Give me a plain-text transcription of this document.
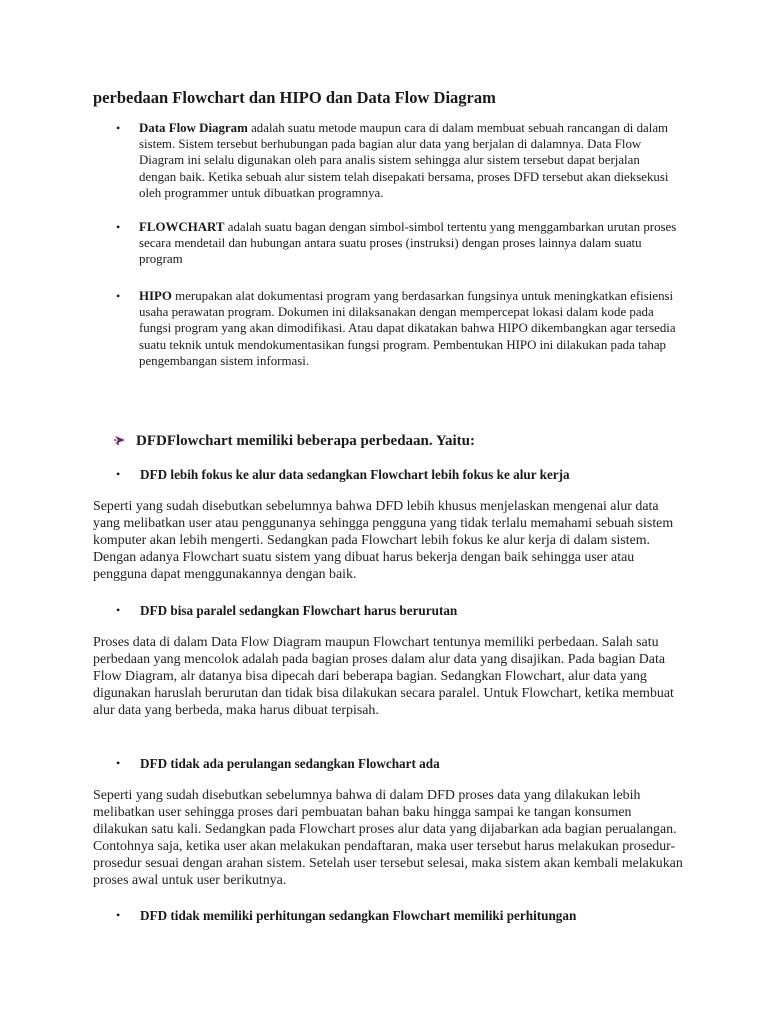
perbedaan Flowchart dan HIPO dan Data Flow Diagram
• Data Flow Diagram adalah suatu metode maupun cara di dalam membuat sebuah rancangan di dalam sistem. Sistem tersebut berhubungan pada bagian alur data yang berjalan di dalamnya. Data Flow Diagram ini selalu digunakan oleh para analis sistem sehingga alur sistem tersebut dapat berjalan dengan baik. Ketika sebuah alur sistem telah disepakati bersama, proses DFD tersebut akan dieksekusi oleh programmer untuk dibuatkan programnya.
• FLOWCHART adalah suatu bagan dengan simbol-simbol tertentu yang menggambarkan urutan proses secara mendetail dan hubungan antara suatu proses (instruksi) dengan proses lainnya dalam suatu program
• HIPO merupakan alat dokumentasi program yang berdasarkan fungsinya untuk meningkatkan efisiensi usaha perawatan program. Dokumen ini dilaksanakan dengan mempercepat lokasi dalam kode pada fungsi program yang akan dimodifikasi. Atau dapat dikatakan bahwa HIPO dikembangkan agar tersedia suatu teknik untuk mendokumentasikan fungsi program. Pembentukan HIPO ini dilakukan pada tahap pengembangan sistem informasi.
DFDFlowchart memiliki beberapa perbedaan. Yaitu:
• DFD lebih fokus ke alur data sedangkan Flowchart lebih fokus ke alur kerja

Seperti yang sudah disebutkan sebelumnya bahwa DFD lebih khusus menjelaskan mengenai alur data yang melibatkan user atau penggunanya sehingga pengguna yang tidak terlalu memahami sebuah sistem komputer akan lebih mengerti. Sedangkan pada Flowchart lebih fokus ke alur kerja di dalam sistem. Dengan adanya Flowchart suatu sistem yang dibuat harus bekerja dengan baik sehingga user atau pengguna dapat menggunakannya dengan baik.

• DFD bisa paralel sedangkan Flowchart harus berurutan

Proses data di dalam Data Flow Diagram maupun Flowchart tentunya memiliki perbedaan. Salah satu perbedaan yang mencolok adalah pada bagian proses dalam alur data yang disajikan. Pada bagian Data Flow Diagram, alr datanya bisa dipecah dari beberapa bagian. Sedangkan Flowchart, alur data yang digunakan haruslah berurutan dan tidak bisa dilakukan secara paralel. Untuk Flowchart, ketika membuat alur data yang berbeda, maka harus dibuat terpisah.

• DFD tidak ada perulangan sedangkan Flowchart ada

Seperti yang sudah disebutkan sebelumnya bahwa di dalam DFD proses data yang dilakukan lebih melibatkan user sehingga proses dari pembuatan bahan baku hingga sampai ke tangan konsumen dilakukan satu kali. Sedangkan pada Flowchart proses alur data yang dijabarkan ada bagian perualangan. Contohnya saja, ketika user akan melakukan pendaftaran, maka user tersebut harus melakukan prosedur-prosedur sesuai dengan arahan sistem. Setelah user tersebut selesai, maka sistem akan kembali melakukan proses awal untuk user berikutnya.

• DFD tidak memiliki perhitungan sedangkan Flowchart memiliki perhitungan
